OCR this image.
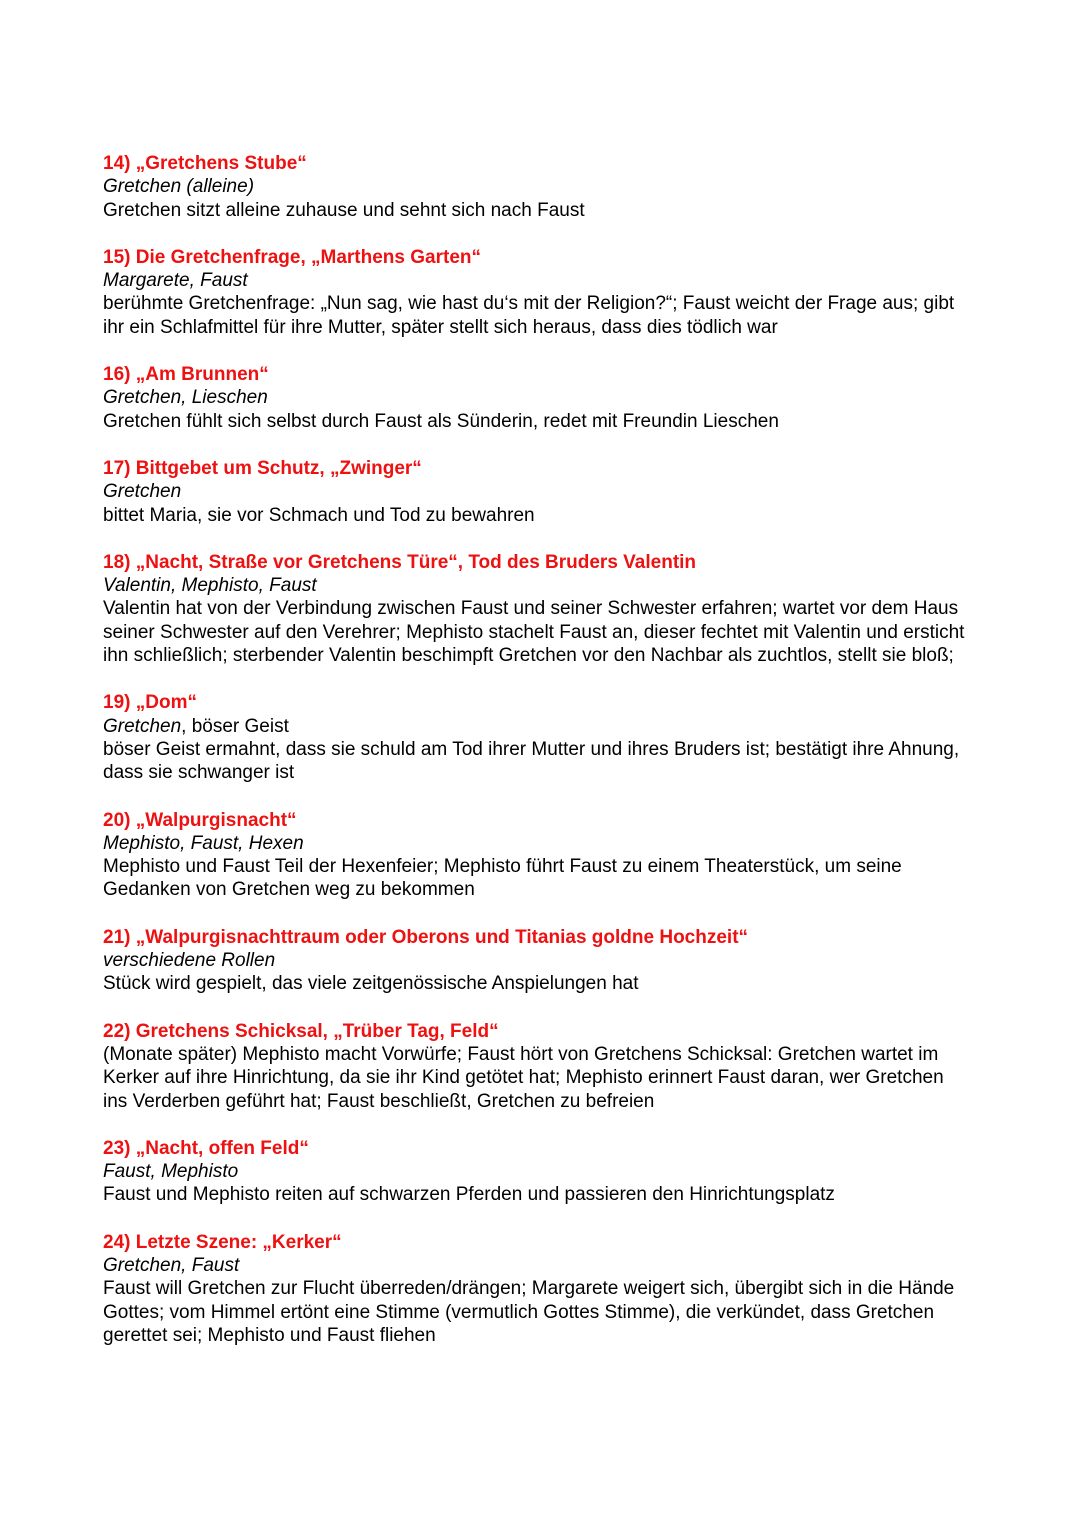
14) „Gretchens Stube“
Gretchen (alleine)
Gretchen sitzt alleine zuhause und sehnt sich nach Faust
15) Die Gretchenfrage, „Marthens Garten“
Margarete, Faust
berühmte Gretchenfrage: „Nun sag, wie hast du‘s mit der Religion?“; Faust weicht der Frage aus; gibt ihr ein Schlafmittel für ihre Mutter, später stellt sich heraus, dass dies tödlich war
16) „Am Brunnen“
Gretchen, Lieschen
Gretchen fühlt sich selbst durch Faust als Sünderin, redet mit Freundin Lieschen
17) Bittgebet um Schutz, „Zwinger“
Gretchen
bittet Maria, sie vor Schmach und Tod zu bewahren
18) „Nacht, Straße vor Gretchens Türe“, Tod des Bruders Valentin
Valentin, Mephisto, Faust
Valentin hat von der Verbindung zwischen Faust und seiner Schwester erfahren; wartet vor dem Haus seiner Schwester auf den Verehrer; Mephisto stachelt Faust an, dieser fechtet mit Valentin und ersticht ihn schließlich; sterbender Valentin beschimpft Gretchen vor den Nachbar als zuchtlos, stellt sie bloß;
19) „Dom“
Gretchen, böser Geist
böser Geist ermahnt, dass sie schuld am Tod ihrer Mutter und ihres Bruders ist; bestätigt ihre Ahnung, dass sie schwanger ist
20) „Walpurgisnacht“
Mephisto, Faust, Hexen
Mephisto und Faust Teil der Hexenfeier; Mephisto führt Faust zu einem Theaterstück, um seine Gedanken von Gretchen weg zu bekommen
21) „Walpurgisnachttraum oder Oberons und Titanias goldne Hochzeit“
verschiedene Rollen
Stück wird gespielt, das viele zeitgenössische Anspielungen hat
22) Gretchens Schicksal, „Trüber Tag, Feld“
(Monate später) Mephisto macht Vorwürfe; Faust hört von Gretchens Schicksal: Gretchen wartet im Kerker auf ihre Hinrichtung, da sie ihr Kind getötet hat; Mephisto erinnert Faust daran, wer Gretchen ins Verderben geführt hat; Faust beschließt, Gretchen zu befreien
23) „Nacht, offen Feld“
Faust, Mephisto
Faust und Mephisto reiten auf schwarzen Pferden und passieren den Hinrichtungsplatz
24) Letzte Szene: „Kerker“
Gretchen, Faust
Faust will Gretchen zur Flucht überreden/drängen; Margarete weigert sich, übergibt sich in die Hände Gottes; vom Himmel ertönt eine Stimme (vermutlich Gottes Stimme), die verkündet, dass Gretchen gerettet sei; Mephisto und Faust fliehen
